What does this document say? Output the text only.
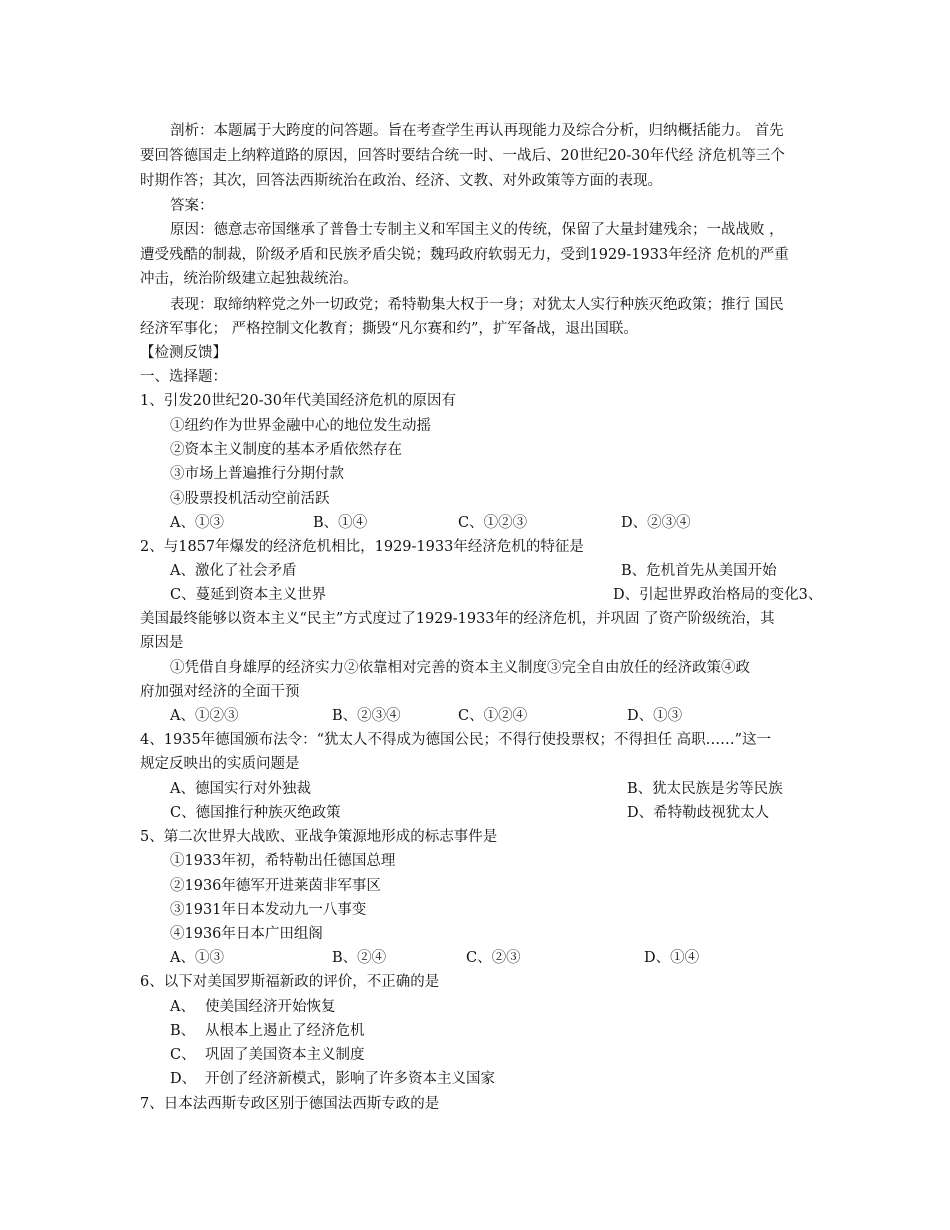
剖析：本题属于大跨度的问答题。旨在考查学生再认再现能力及综合分析，归纳概括能力。 首先
要回答德国走上纳粹道路的原因，回答时要结合统一时、一战后、20世纪20-30年代经 济危机等三个
时期作答；其次，回答法西斯统治在政治、经济、文教、对外政策等方面的表现。
答案：
原因：德意志帝国继承了普鲁士专制主义和军国主义的传统，保留了大量封建残余；一战战败 ，
遭受残酷的制裁，阶级矛盾和民族矛盾尖锐；魏玛政府软弱无力，受到1929-1933年经济 危机的严重
冲击，统治阶级建立起独裁统治。
表现：取缔纳粹党之外一切政党；希特勒集大权于一身；对犹太人实行种族灭绝政策；推行 国民
经济军事化； 严格控制文化教育；撕毁“凡尔赛和约”，扩军备战，退出国联。
【检测反馈】
一、选择题：
1、引发20世纪20-30年代美国经济危机的原因有
①纽约作为世界金融中心的地位发生动摇
②资本主义制度的基本矛盾依然存在
③市场上普遍推行分期付款
④股票投机活动空前活跃
A、①③	B、①④	C、①②③	D、②③④
2、与1857年爆发的经济危机相比，1929-1933年经济危机的特征是
A、激化了社会矛盾	B、危机首先从美国开始
C、蔓延到资本主义世界	D、引起世界政治格局的变化3、
美国最终能够以资本主义“民主”方式度过了1929-1933年的经济危机，并巩固 了资产阶级统治，其
原因是
①凭借自身雄厚的经济实力②依靠相对完善的资本主义制度③完全自由放任的经济政策④政
府加强对经济的全面干预
A、①②③	B、②③④	C、①②④	D、①③
4、1935年德国颁布法令：“犹太人不得成为德国公民；不得行使投票权；不得担任 高职……”这一
规定反映出的实质问题是
A、德国实行对外独裁	B、犹太民族是劣等民族
C、德国推行种族灭绝政策	D、希特勒歧视犹太人
5、第二次世界大战欧、亚战争策源地形成的标志事件是
①1933年初，希特勒出任德国总理
②1936年德军开进莱茵非军事区
③1931年日本发动九一八事变
④1936年日本广田组阁
A、①③	B、②④	C、②③	D、①④
6、以下对美国罗斯福新政的评价，不正确的是
A、 使美国经济开始恢复
B、 从根本上遏止了经济危机
C、 巩固了美国资本主义制度
D、 开创了经济新模式，影响了许多资本主义国家
7、日本法西斯专政区别于德国法西斯专政的是
